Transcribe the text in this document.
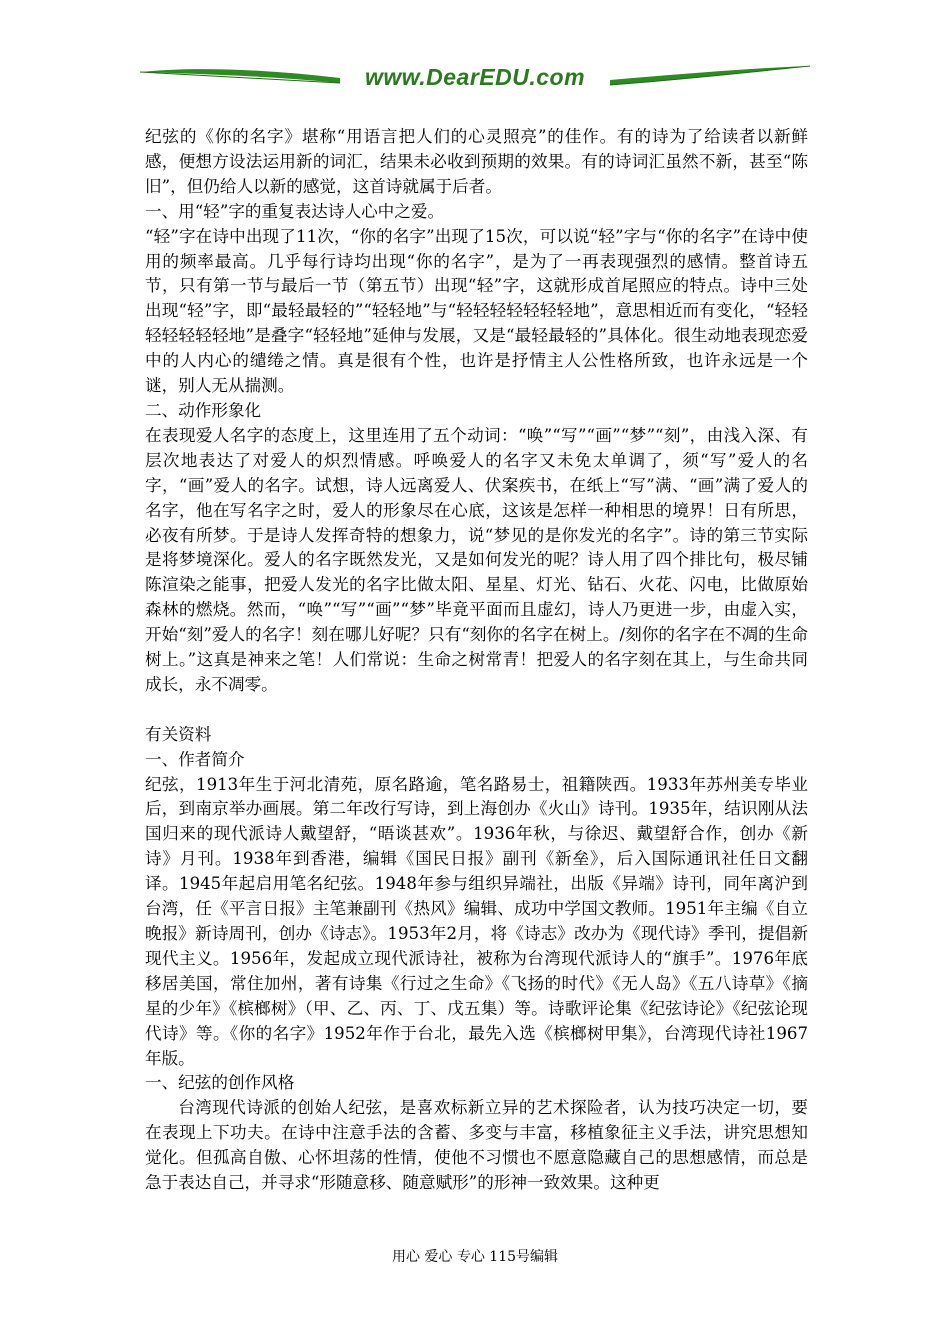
www.DearEDU.com

纪弦的《你的名字》堪称“用语言把人们的心灵照亮”的佳作。有的诗为了给读者以新鲜感，便想方设法运用新的词汇，结果未必收到预期的效果。有的诗词汇虽然不新，甚至“陈旧”，但仍给人以新的感觉，这首诗就属于后者。

一、用“轻”字的重复表达诗人心中之爱。

“轻”字在诗中出现了11次，“你的名字”出现了15次，可以说“轻”字与“你的名字”在诗中使用的频率最高。几乎每行诗均出现“你的名字”，是为了一再表现强烈的感情。整首诗五节，只有第一节与最后一节（第五节）出现“轻”字，这就形成首尾照应的特点。诗中三处出现“轻”字，即“最轻最轻的”“轻轻地”与“轻轻轻轻轻轻轻地”，意思相近而有变化，“轻轻轻轻轻轻轻地”是叠字“轻轻地”延伸与发展，又是“最轻最轻的”具体化。很生动地表现恋爱中的人内心的缱绻之情。真是很有个性，也许是抒情主人公性格所致，也许永远是一个谜，别人无从揣测。

二、动作形象化

在表现爱人名字的态度上，这里连用了五个动词：“唤”“写”“画”“梦”“刻”，由浅入深、有层次地表达了对爱人的炽烈情感。呼唤爱人的名字又未免太单调了，须“写”爱人的名字，“画”爱人的名字。试想，诗人远离爱人、伏案疾书，在纸上“写”满、“画”满了爱人的名字，他在写名字之时，爱人的形象尽在心底，这该是怎样一种相思的境界！日有所思，必夜有所梦。于是诗人发挥奇特的想象力，说“梦见的是你发光的名字”。诗的第三节实际是将梦境深化。爱人的名字既然发光，又是如何发光的呢？诗人用了四个排比句，极尽铺陈渲染之能事，把爱人发光的名字比做太阳、星星、灯光、钻石、火花、闪电，比做原始森林的燃烧。然而，“唤”“写”“画”“梦”毕竟平面而且虚幻，诗人乃更进一步，由虚入实，开始“刻”爱人的名字！刻在哪儿好呢？只有“刻你的名字在树上。/刻你的名字在不凋的生命树上。”这真是神来之笔！人们常说：生命之树常青！把爱人的名字刻在其上，与生命共同成长，永不凋零。

有关资料

一、作者简介

纪弦，1913年生于河北清苑，原名路逾，笔名路易士，祖籍陕西。1933年苏州美专毕业后，到南京举办画展。第二年改行写诗，到上海创办《火山》诗刊。1935年，结识刚从法国归来的现代派诗人戴望舒，“晤谈甚欢”。1936年秋，与徐迟、戴望舒合作，创办《新诗》月刊。1938年到香港，编辑《国民日报》副刊《新垒》，后入国际通讯社任日文翻译。1945年起启用笔名纪弦。1948年参与组织异端社，出版《异端》诗刊，同年离沪到台湾，任《平言日报》主笔兼副刊《热风》编辑、成功中学国文教师。1951年主编《自立晚报》新诗周刊，创办《诗志》。1953年2月，将《诗志》改办为《现代诗》季刊，提倡新现代主义。1956年，发起成立现代派诗社，被称为台湾现代派诗人的“旗手”。1976年底移居美国，常住加州，著有诗集《行过之生命》《飞扬的时代》《无人岛》《五八诗草》《摘星的少年》《槟榔树》（甲、乙、丙、丁、戊五集）等。诗歌评论集《纪弦诗论》《纪弦论现代诗》等。《你的名字》1952年作于台北，最先入选《槟榔树甲集》，台湾现代诗社1967年版。

一、纪弦的创作风格

台湾现代诗派的创始人纪弦，是喜欢标新立异的艺术探险者，认为技巧决定一切，要在表现上下功夫。在诗中注意手法的含蓄、多变与丰富，移植象征主义手法，讲究思想知觉化。但孤高自傲、心怀坦荡的性情，使他不习惯也不愿意隐藏自己的思想感情，而总是急于表达自己，并寻求“形随意移、随意赋形”的形神一致效果。这种更

用心 爱心 专心 115号编辑
